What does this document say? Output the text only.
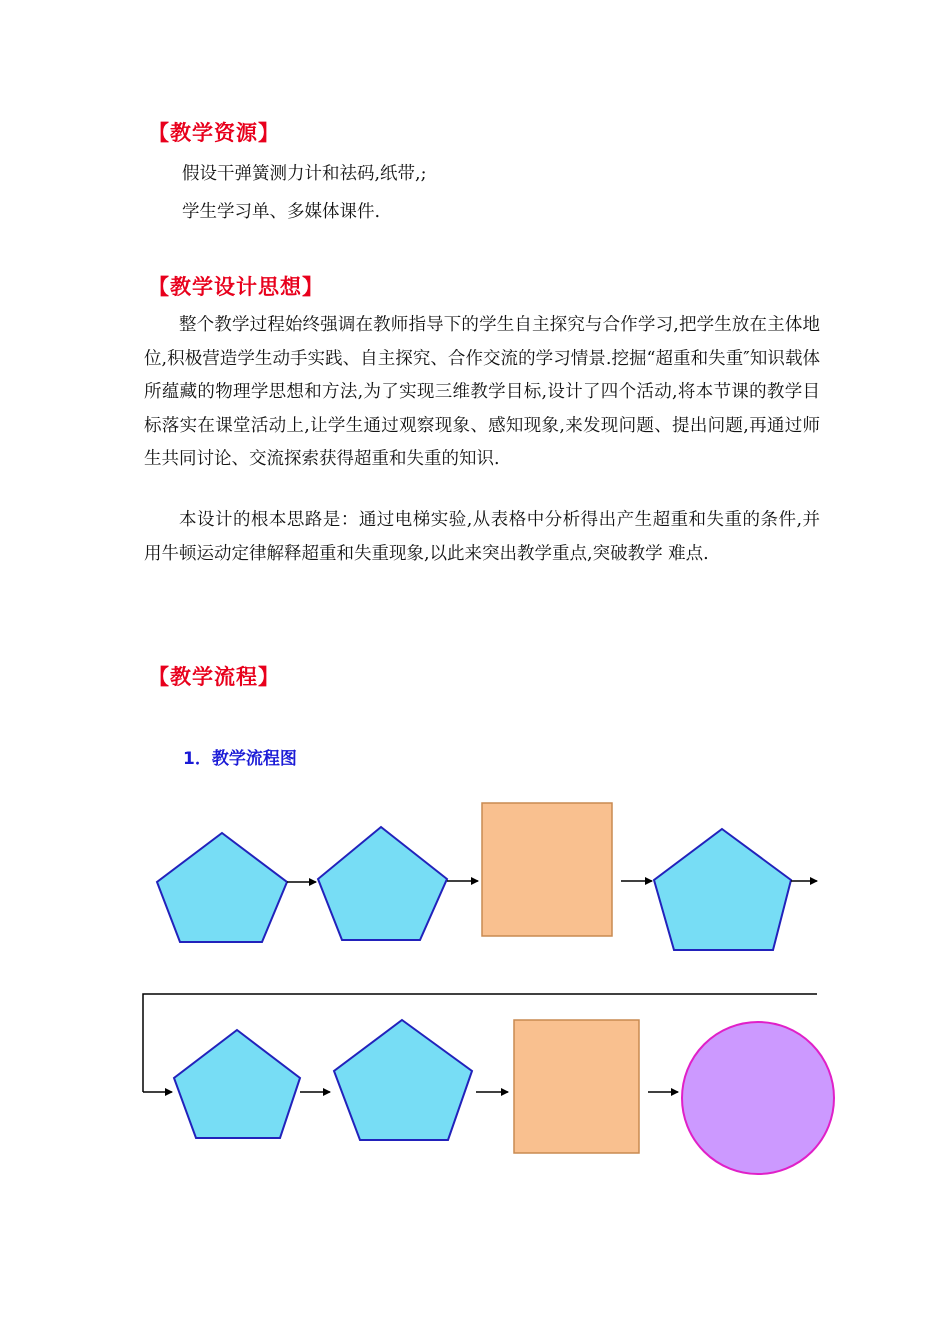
【教学资源】

假设干弹簧测力计和祛码,纸带,;

学生学习单、多媒体课件.

【教学设计思想】

整个教学过程始终强调在教师指导下的学生自主探究与合作学习,把学生放在主体地位,积极营造学生动手实践、自主探究、合作交流的学习情景.挖掘“超重和失重″知识载体所蕴藏的物理学思想和方法,为了实现三维教学目标,设计了四个活动,将本节课的教学目标落实在课堂活动上,让学生通过观察现象、感知现象,来发现问题、提出问题,再通过师生共同讨论、交流探索获得超重和失重的知识.

本设计的根本思路是：通过电梯实验,从表格中分析得出产生超重和失重的条件,并用牛顿运动定律解释超重和失重现象,以此来突出教学重点,突破教学 难点.

【教学流程】

1．教学流程图
